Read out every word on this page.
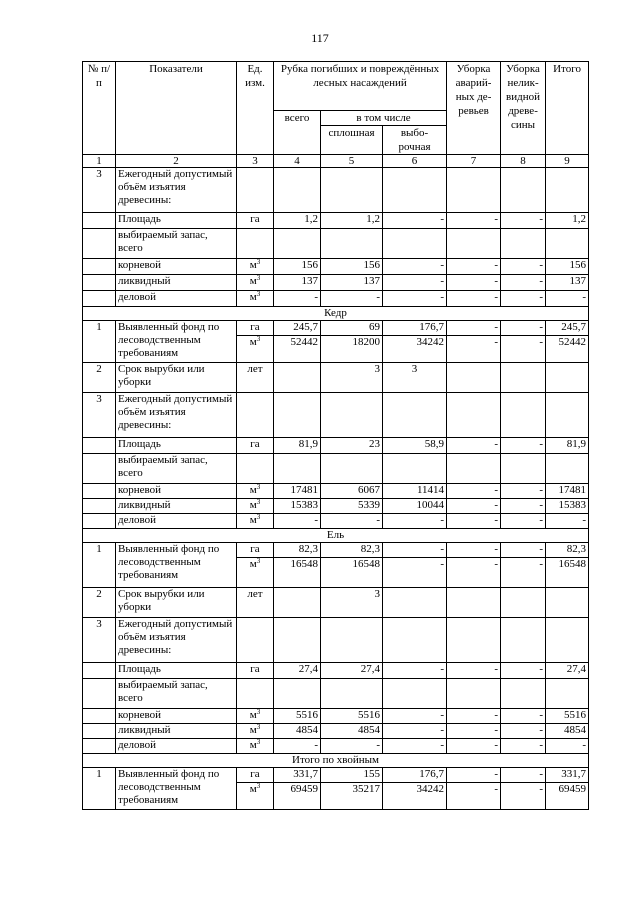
117
№ п/п	Показатели	Ед. изм.	Рубка погибших и повреждённых лесных насаждений			Уборка аварий-ных де-ревьев	Уборка нелик-видной древе-сины	Итого
			всего	в том числе				
				сплошная	выбо-рочная			
1	2	3	4	5	6	7	8	9
3	Ежегодный допустимый объём изъятия древесины:							
	Площадь	га	1,2	1,2	-	-	-	1,2
	выбираемый запас, всего							
	корневой	$м^3$	156	156	-	-	-	156
	ликвидный	$м^3$	137	137	-	-	-	137
	деловой	$м^3$	-	-	-	-	-	-
Кедр								
1	Выявленный фонд по лесоводственным требованиям	га	245,7	69	176,7	-	-	245,7
		$м^3$	52442	18200	34242	-	-	52442
2	Срок вырубки или уборки	лет		3	3			
3	Ежегодный допустимый объём изъятия древесины:							
	Площадь	га	81,9	23	58,9	-	-	81,9
	выбираемый запас, всего							
	корневой	$м^3$	17481	6067	11414	-	-	17481
	ликвидный	$м^3$	15383	5339	10044	-	-	15383
	деловой	$м^3$	-	-	-	-	-	-
Ель								
1	Выявленный фонд по лесоводственным требованиям	га	82,3	82,3	-	-	-	82,3
		$м^3$	16548	16548	-	-	-	16548
2	Срок вырубки или уборки	лет		3				
3	Ежегодный допустимый объём изъятия древесины:							
	Площадь	га	27,4	27,4	-	-	-	27,4
	выбираемый запас, всего							
	корневой	$м^3$	5516	5516	-	-	-	5516
	ликвидный	$м^3$	4854	4854	-	-	-	4854
	деловой	$м^3$	-	-	-	-	-	-
Итого по хвойным								
1	Выявленный фонд по лесоводственным требованиям	га	331,7	155	176,7	-	-	331,7
		$м^3$	69459	35217	34242	-	-	69459
